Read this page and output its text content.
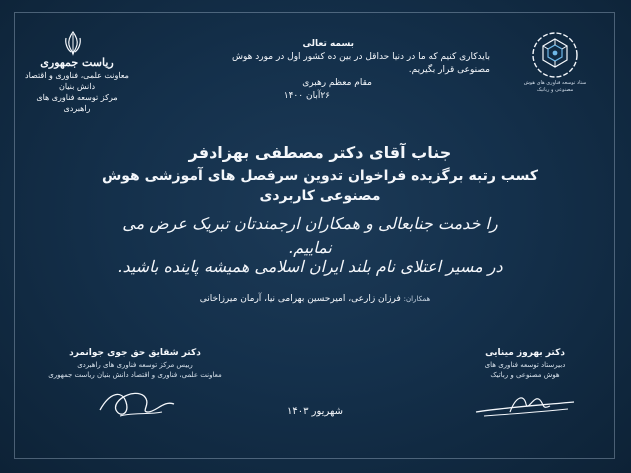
ریاست جمهوری
معاونت علمی، فناوری و اقتصاد دانش بنیان
مرکز توسعه فناوری های راهبردی
ستاد توسعه فناوری های هوش مصنوعی و رباتیک
بسمه تعالی
بایدکاری کنیم که ما در دنیا حداقل در بین ده کشور اول در مورد هوش مصنوعی قرار بگیریم.
مقام معظم رهبری
۲۶آبان ۱۴۰۰
جناب آقای دکتر مصطفی بهزادفر
کسب رتبه برگزیده فراخوان تدوین سرفصل های آموزشی هوش مصنوعی کاربردی
را خدمت جنابعالی و همکاران ارجمندتان تبریک عرض می نماییم.
در مسیر اعتلای نام بلند ایران اسلامی همیشه پاینده باشید.
همکاران: فرزان زارعی، امیرحسین بهرامی نیا، آرمان میرزاخانی
دکتر شقایق حق جوی جوانمرد
رییس مرکز توسعه فناوری های راهبردی
معاونت علمی، فناوری و اقتصاد دانش بنیان ریاست جمهوری
دکتر بهروز مینایی
دبیرستاد توسعه فناوری های
هوش مصنوعی و رباتیک
شهریور ۱۴۰۳
